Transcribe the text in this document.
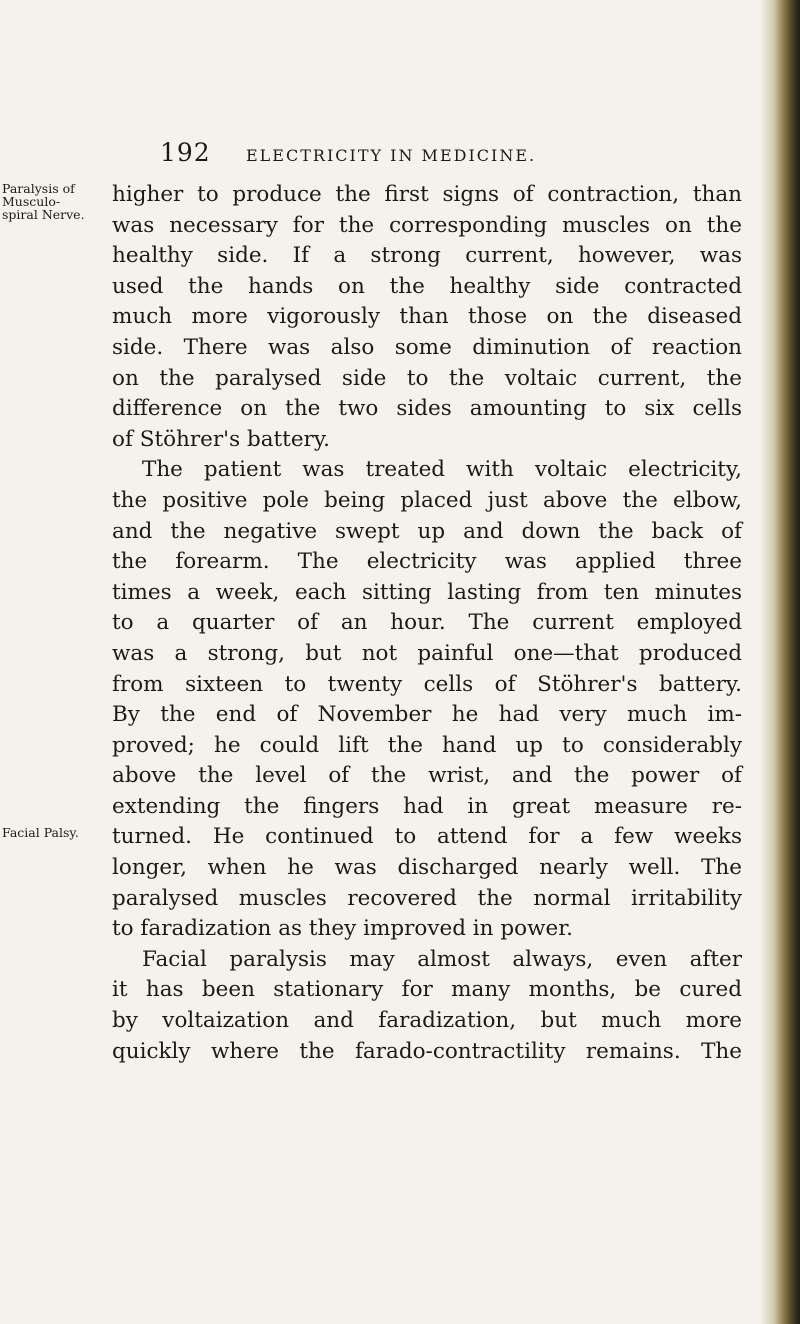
192 ELECTRICITY IN MEDICINE.
Paralysis of
Musculo-
spiral Nerve.
Facial Palsy.
higher to produce the first signs of contraction, than
was necessary for the corresponding muscles on the
healthy side. If a strong current, however, was
used the hands on the healthy side contracted
much more vigorously than those on the diseased
side. There was also some diminution of reaction
on the paralysed side to the voltaic current, the
difference on the two sides amounting to six cells
of Stöhrer's battery.
The patient was treated with voltaic electricity,
the positive pole being placed just above the elbow,
and the negative swept up and down the back of
the forearm. The electricity was applied three
times a week, each sitting lasting from ten minutes
to a quarter of an hour. The current employed
was a strong, but not painful one—that produced
from sixteen to twenty cells of Stöhrer's battery.
By the end of November he had very much im-
proved; he could lift the hand up to considerably
above the level of the wrist, and the power of
extending the fingers had in great measure re-
turned. He continued to attend for a few weeks
longer, when he was discharged nearly well. The
paralysed muscles recovered the normal irritability
to faradization as they improved in power.
Facial paralysis may almost always, even after
it has been stationary for many months, be cured
by voltaization and faradization, but much more
quickly where the farado-contractility remains. The
